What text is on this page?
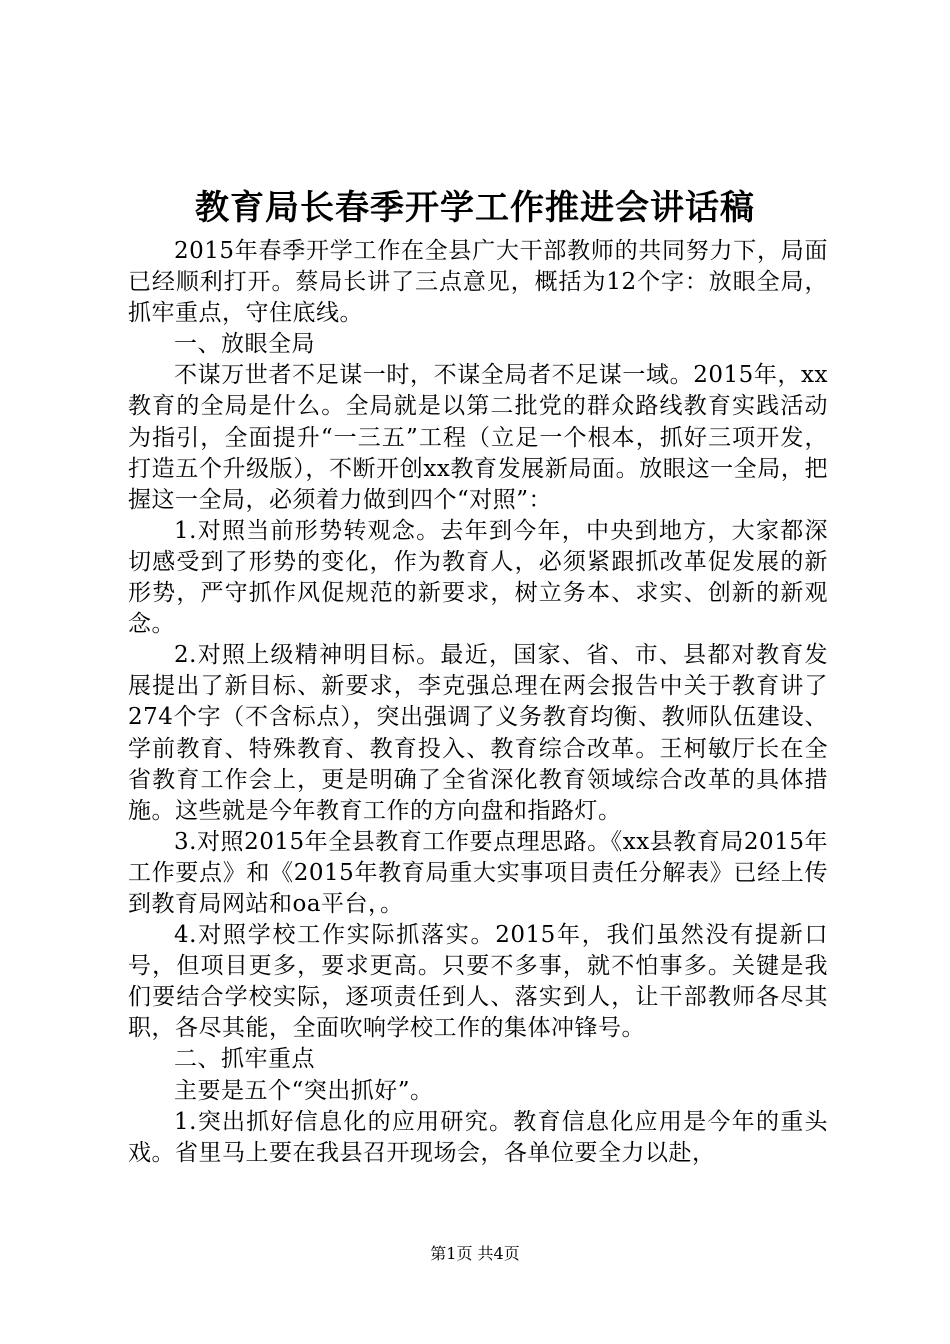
教育局长春季开学工作推进会讲话稿

2015年春季开学工作在全县广大干部教师的共同努力下，局面已经顺利打开。蔡局长讲了三点意见，概括为12个字：放眼全局，抓牢重点，守住底线。

一、放眼全局

不谋万世者不足谋一时，不谋全局者不足谋一域。2015年，xx教育的全局是什么。全局就是以第二批党的群众路线教育实践活动为指引，全面提升“一三五”工程（立足一个根本，抓好三项开发，打造五个升级版），不断开创xx教育发展新局面。放眼这一全局，把握这一全局，必须着力做到四个“对照”：

1.对照当前形势转观念。去年到今年，中央到地方，大家都深切感受到了形势的变化，作为教育人，必须紧跟抓改革促发展的新形势，严守抓作风促规范的新要求，树立务本、求实、创新的新观念。

2.对照上级精神明目标。最近，国家、省、市、县都对教育发展提出了新目标、新要求，李克强总理在两会报告中关于教育讲了274个字（不含标点），突出强调了义务教育均衡、教师队伍建设、学前教育、特殊教育、教育投入、教育综合改革。王柯敏厅长在全省教育工作会上，更是明确了全省深化教育领域综合改革的具体措施。这些就是今年教育工作的方向盘和指路灯。

3.对照2015年全县教育工作要点理思路。《xx县教育局2015年工作要点》和《2015年教育局重大实事项目责任分解表》已经上传到教育局网站和oa平台，。

4.对照学校工作实际抓落实。2015年，我们虽然没有提新口号，但项目更多，要求更高。只要不多事，就不怕事多。关键是我们要结合学校实际，逐项责任到人、落实到人，让干部教师各尽其职，各尽其能，全面吹响学校工作的集体冲锋号。

二、抓牢重点

主要是五个“突出抓好”。

1.突出抓好信息化的应用研究。教育信息化应用是今年的重头戏。省里马上要在我县召开现场会，各单位要全力以赴，

第1页 共4页
